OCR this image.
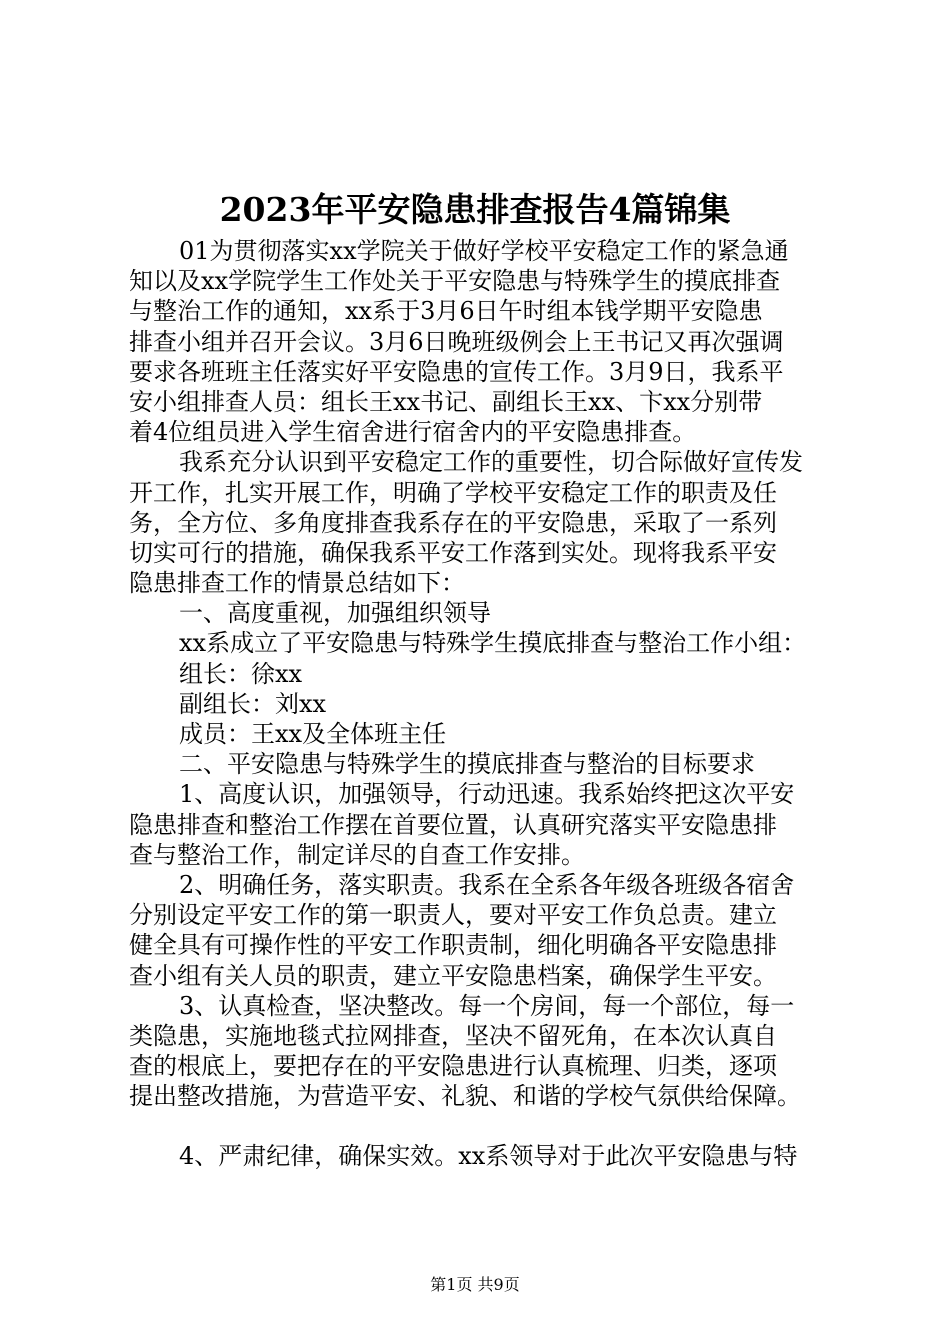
2023年平安隐患排查报告4篇锦集
01为贯彻落实xx学院关于做好学校平安稳定工作的紧急通
知以及xx学院学生工作处关于平安隐患与特殊学生的摸底排查
与整治工作的通知，xx系于3月6日午时组本钱学期平安隐患
排查小组并召开会议。3月6日晚班级例会上王书记又再次强调
要求各班班主任落实好平安隐患的宣传工作。3月9日，我系平
安小组排查人员：组长王xx书记、副组长王xx、卞xx分别带
着4位组员进入学生宿舍进行宿舍内的平安隐患排查。
我系充分认识到平安稳定工作的重要性，切合际做好宣传发
开工作，扎实开展工作，明确了学校平安稳定工作的职责及任
务，全方位、多角度排查我系存在的平安隐患，采取了一系列
切实可行的措施，确保我系平安工作落到实处。现将我系平安
隐患排查工作的情景总结如下：
一、高度重视，加强组织领导
xx系成立了平安隐患与特殊学生摸底排查与整治工作小组：
组长：徐xx
副组长：刘xx
成员：王xx及全体班主任
二、平安隐患与特殊学生的摸底排查与整治的目标要求
1、高度认识，加强领导，行动迅速。我系始终把这次平安
隐患排查和整治工作摆在首要位置，认真研究落实平安隐患排
查与整治工作，制定详尽的自查工作安排。
2、明确任务，落实职责。我系在全系各年级各班级各宿舍
分别设定平安工作的第一职责人，要对平安工作负总责。建立
健全具有可操作性的平安工作职责制，细化明确各平安隐患排
查小组有关人员的职责，建立平安隐患档案，确保学生平安。
3、认真检查，坚决整改。每一个房间，每一个部位，每一
类隐患，实施地毯式拉网排查，坚决不留死角，在本次认真自
查的根底上，要把存在的平安隐患进行认真梳理、归类，逐项
提出整改措施，为营造平安、礼貌、和谐的学校气氛供给保障。
4、严肃纪律，确保实效。xx系领导对于此次平安隐患与特
第1页 共9页
